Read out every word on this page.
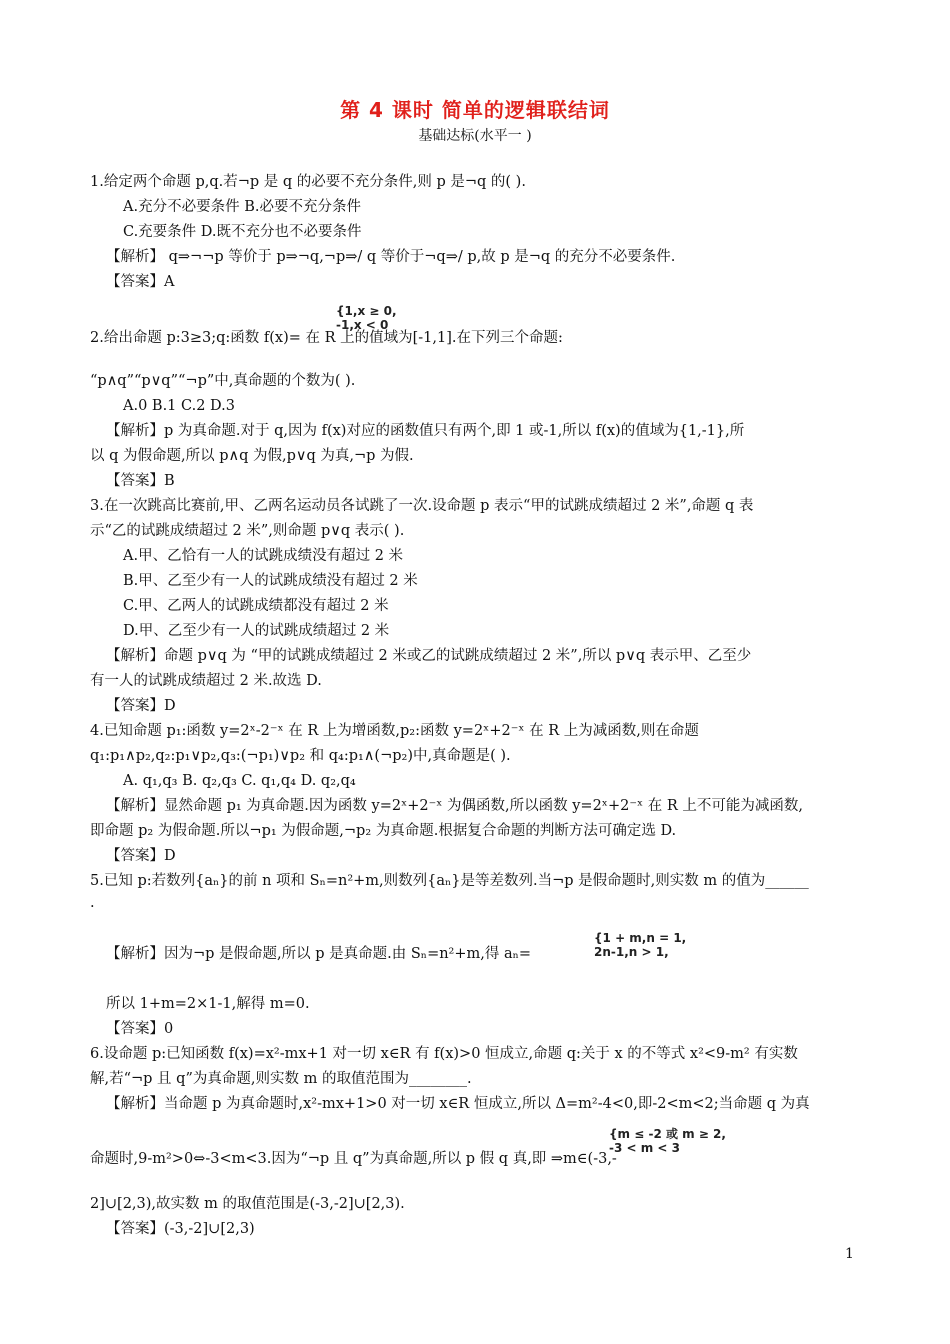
第 4 课时 简单的逻辑联结词
基础达标(水平一 )
1.给定两个命题 p,q.若¬p 是 q 的必要不充分条件,则 p 是¬q 的( ).
A.充分不必要条件 B.必要不充分条件
C.充要条件 D.既不充分也不必要条件
【解析】 q⇒¬¬p 等价于 p⇒¬q,¬p⇒/ q 等价于¬q⇒/ p,故 p 是¬q 的充分不必要条件.
【答案】A
2.给出命题 p:3≥3;q:函数 f(x)= 在 R 上的值域为[-1,1].在下列三个命题:
“p∧q”“p∨q”“¬p”中,真命题的个数为( ).
A.0 B.1 C.2 D.3
【解析】p 为真命题.对于 q,因为 f(x)对应的函数值只有两个,即 1 或-1,所以 f(x)的值域为{1,-1},所
以 q 为假命题,所以 p∧q 为假,p∨q 为真,¬p 为假.
【答案】B
3.在一次跳高比赛前,甲、乙两名运动员各试跳了一次.设命题 p 表示“甲的试跳成绩超过 2 米”,命题 q 表
示“乙的试跳成绩超过 2 米”,则命题 p∨q 表示( ).
A.甲、乙恰有一人的试跳成绩没有超过 2 米
B.甲、乙至少有一人的试跳成绩没有超过 2 米
C.甲、乙两人的试跳成绩都没有超过 2 米
D.甲、乙至少有一人的试跳成绩超过 2 米
【解析】命题 p∨q 为 “甲的试跳成绩超过 2 米或乙的试跳成绩超过 2 米”,所以 p∨q 表示甲、乙至少
有一人的试跳成绩超过 2 米.故选 D.
【答案】D
4.已知命题 p₁:函数 y=2ˣ-2⁻ˣ 在 R 上为增函数,p₂:函数 y=2ˣ+2⁻ˣ 在 R 上为减函数,则在命题
q₁:p₁∧p₂,q₂:p₁∨p₂,q₃:(¬p₁)∨p₂ 和 q₄:p₁∧(¬p₂)中,真命题是( ).
A. q₁,q₃ B. q₂,q₃ C. q₁,q₄ D. q₂,q₄
【解析】显然命题 p₁ 为真命题.因为函数 y=2ˣ+2⁻ˣ 为偶函数,所以函数 y=2ˣ+2⁻ˣ 在 R 上不可能为减函数,
即命题 p₂ 为假命题.所以¬p₁ 为假命题,¬p₂ 为真命题.根据复合命题的判断方法可确定选 D.
【答案】D
5.已知 p:若数列{aₙ}的前 n 项和 Sₙ=n²+m,则数列{aₙ}是等差数列.当¬p 是假命题时,则实数 m 的值为______
.
【解析】因为¬p 是假命题,所以 p 是真命题.由 Sₙ=n²+m,得 aₙ=
所以 1+m=2×1-1,解得 m=0.
【答案】0
6.设命题 p:已知函数 f(x)=x²-mx+1 对一切 x∈R 有 f(x)>0 恒成立,命题 q:关于 x 的不等式 x²<9-m² 有实数
解,若“¬p 且 q”为真命题,则实数 m 的取值范围为________.
【解析】当命题 p 为真命题时,x²-mx+1>0 对一切 x∈R 恒成立,所以 Δ=m²-4<0,即-2<m<2;当命题 q 为真
命题时,9-m²>0⇔-3<m<3.因为“¬p 且 q”为真命题,所以 p 假 q 真,即 ⇒m∈(-3,-
2]∪[2,3),故实数 m 的取值范围是(-3,-2]∪[2,3).
【答案】(-3,-2]∪[2,3)
{1,x ≥ 0,
-1,x < 0
{1 + m,n = 1,
2n-1,n > 1,
{m ≤ -2 或 m ≥ 2,
-3 < m < 3
1
